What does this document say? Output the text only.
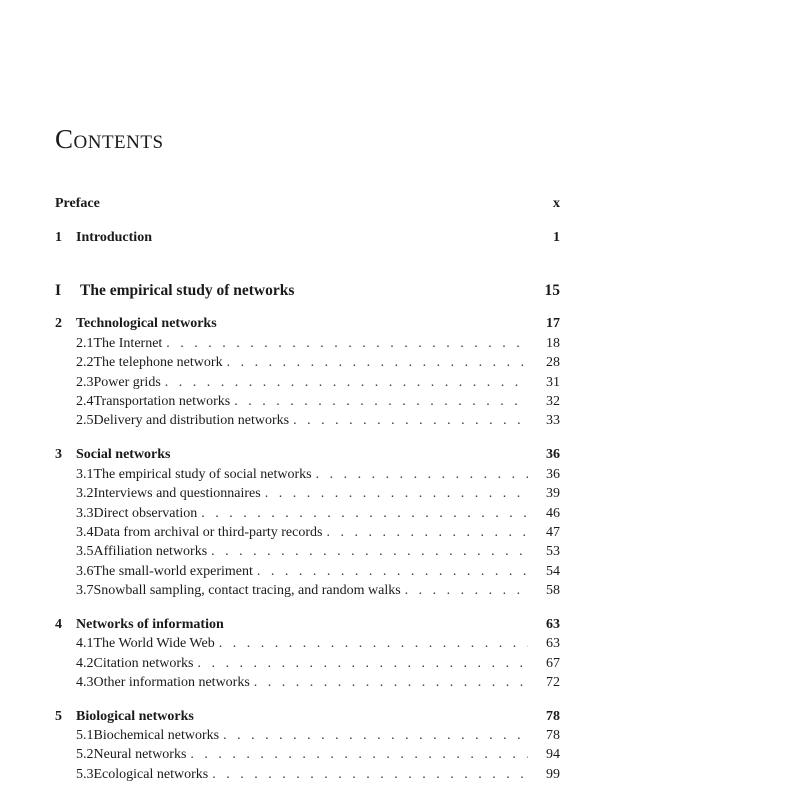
Contents
Preface	x
1	Introduction	1
I	The empirical study of networks	15
2	Technological networks	17
2.1 The Internet . . .	18
2.2 The telephone network . . .	28
2.3 Power grids . . .	31
2.4 Transportation networks . . .	32
2.5 Delivery and distribution networks . . .	33
3	Social networks	36
3.1 The empirical study of social networks . . .	36
3.2 Interviews and questionnaires . . .	39
3.3 Direct observation . . .	46
3.4 Data from archival or third-party records . . .	47
3.5 Affiliation networks . . .	53
3.6 The small-world experiment . . .	54
3.7 Snowball sampling, contact tracing, and random walks . . .	58
4	Networks of information	63
4.1 The World Wide Web . . .	63
4.2 Citation networks . . .	67
4.3 Other information networks . . .	72
5	Biological networks	78
5.1 Biochemical networks . . .	78
5.2 Neural networks . . .	94
5.3 Ecological networks . . .	99
